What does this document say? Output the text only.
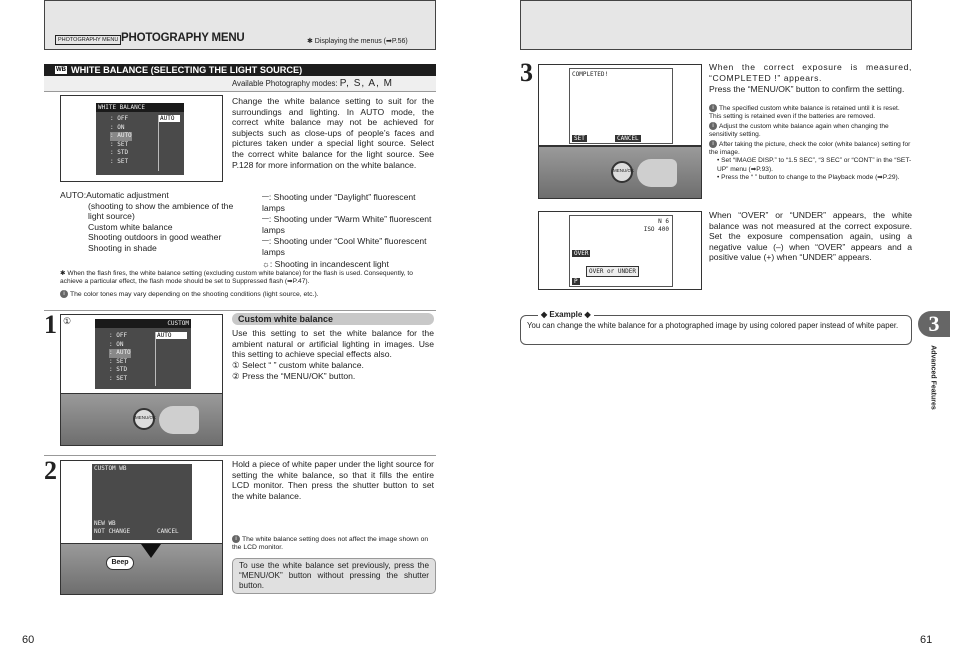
PHOTOGRAPHY MENU PHOTOGRAPHY MENU	✱ Displaying the menus (➡P.56)
WB WHITE BALANCE (SELECTING THE LIGHT SOURCE)
Available Photography modes: P, S, A, M
WHITE BALANCE
: OFF
: ON
: AUTO
: SET
: STD
: SET
AUTO
Change the white balance setting to suit for the surroundings and lighting. In AUTO mode, the correct white balance may not be achieved for subjects such as close-ups of people’s faces and pictures taken under a special light source. Select the correct white balance for the light source. See P.128 for more information on the white balance.
AUTO:Automatic adjustment
(shooting to show the ambience of the light source)
Custom white balance
Shooting outdoors in good weather
Shooting in shade
𝄖: Shooting under “Daylight” fluorescent lamps
𝄖: Shooting under “Warm White” fluorescent lamps
𝄖: Shooting under “Cool White” fluorescent lamps
☼: Shooting in incandescent light
✱ When the flash fires, the white balance setting (excluding custom white balance) for the flash is used. Consequently, to achieve a particular effect, the flash mode should be set to Suppressed flash (➡P.47).
i The color tones may vary depending on the shooting conditions (light source, etc.).
1 ①	CUSTOM
: OFF
: ON
: AUTO
: SET
: STD
: SET
AUTO
MENU/OK
Custom white balance
Use this setting to set the white balance for the ambient natural or artificial lighting in images. Use this setting to achieve special effects also.
① Select “ ” custom white balance.
② Press the “MENU/OK” button.
2	CUSTOM WB
NEW WB
NOT CHANGE	CANCEL
Beep
Hold a piece of white paper under the light source for setting the white balance, so that it fills the entire LCD monitor. Then press the shutter button to set the white balance.
i The white balance setting does not affect the image shown on the LCD monitor.
To use the white balance set previously, press the “MENU/OK” button without pressing the shutter button.
60
3	COMPLETED!
SET	CANCEL
MENU/OK
When the correct exposure is measured, “COMPLETED !” appears.
Press the “MENU/OK” button to confirm the setting.
i The specified custom white balance is retained until it is reset. This setting is retained even if the batteries are removed.
i Adjust the custom white balance again when changing the sensitivity setting.
i After taking the picture, check the color (white balance) setting for the image.
• Set “IMAGE DISP.” to “1.5 SEC”, “3 SEC” or “CONT” in the “SET-UP” menu (➡P.93).
• Press the “ ” button to change to the Playback mode (➡P.29).
N 6
ISO 400
OVER
OVER or UNDER
P
When “OVER” or “UNDER” appears, the white balance was not measured at the correct exposure. Set the exposure compensation again, using a negative value (–) when “OVER” appears and a positive value (+) when “UNDER” appears.
◆ Example ◆
You can change the white balance for a photographed image by using colored paper instead of white paper.	3
Advanced Features
61
